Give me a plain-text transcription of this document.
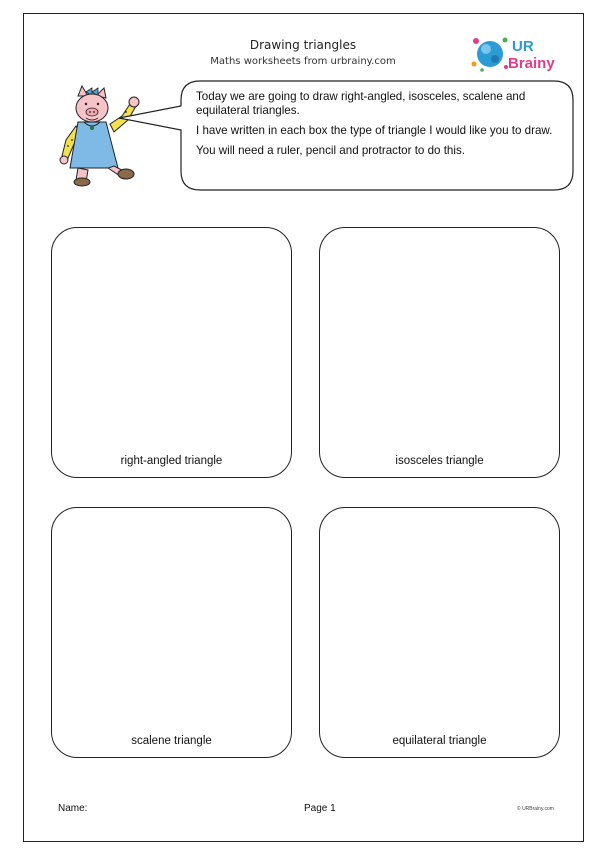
Drawing triangles
Maths worksheets from urbrainy.com
UR
Brainy

Today we are going to draw right-angled, isosceles, scalene and equilateral triangles.

I have written in each box the type of triangle I would like you to draw.

You will need a ruler, pencil and protractor to do this.

right-angled triangle	isosceles triangle
scalene triangle	equilateral triangle
Name:	Page 1	© URBrainy.com
